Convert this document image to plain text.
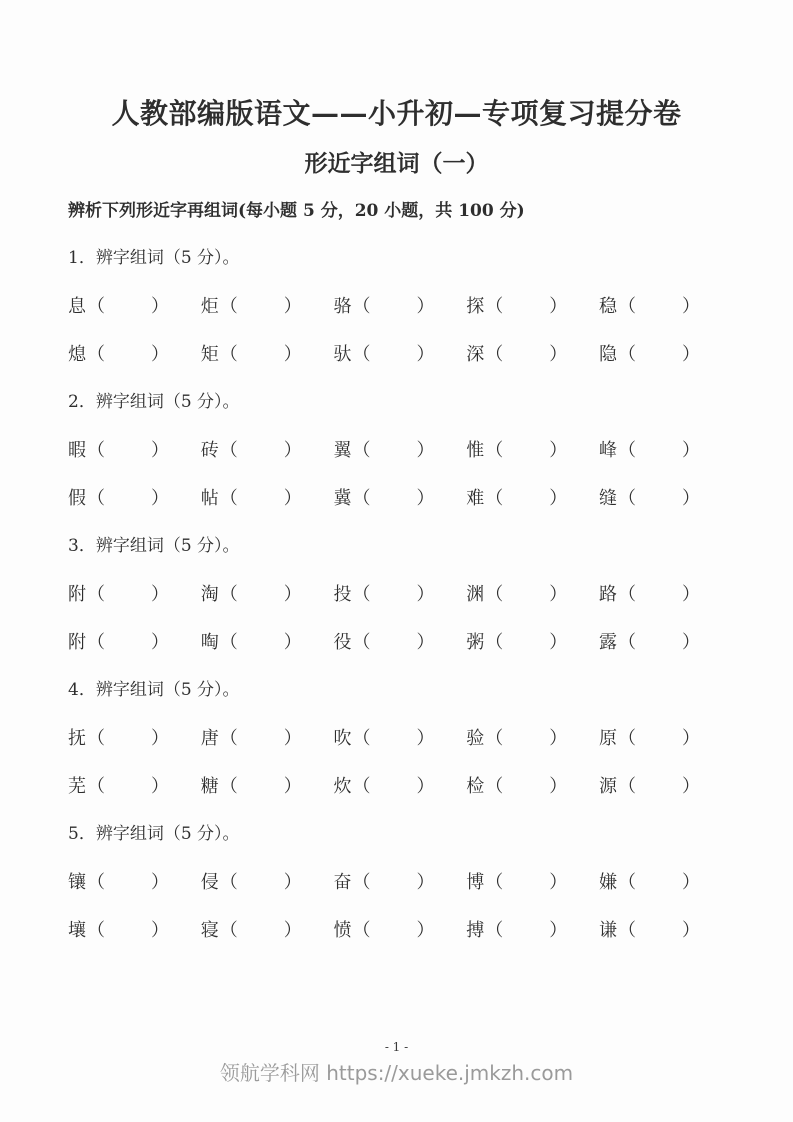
人教部编版语文——小升初—专项复习提分卷
形近字组词（一）

辨析下列形近字再组词(每小题 5 分，20 小题，共 100 分)

1．辨字组词（5 分）。
息（	） 炬（	） 骆（	） 探（	） 稳（	）
熄（	） 矩（	） 驮（	） 深（	） 隐（	）
2．辨字组词（5 分）。
暇（	） 砖（	） 翼（	） 惟（	） 峰（	）
假（	） 帖（	） 冀（	） 难（	） 缝（	）
3．辨字组词（5 分）。
附（	） 淘（	） 投（	） 渊（	） 路（	）
附（	） 啕（	） 役（	） 粥（	） 露（	）
4．辨字组词（5 分）。
抚（	） 唐（	） 吹（	） 验（	） 原（	）
芜（	） 糖（	） 炊（	） 检（	） 源（	）
5．辨字组词（5 分）。
镶（	） 侵（	） 奋（	） 博（	） 嫌（	）
壤（	） 寝（	） 愤（	） 搏（	） 谦（	）
- 1 -
领航学科网 https://xueke.jmkzh.com
